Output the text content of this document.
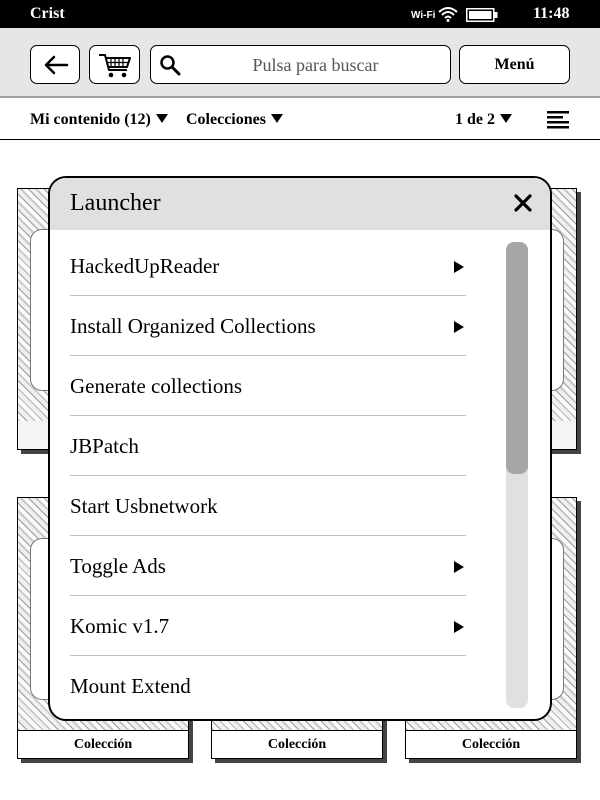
Crist	Wi-Fi	11:48
Pulsa para buscar	Menú
Mi contenido (12)	Colecciones	1 de 2
Colección	Colección	Colección
Launcher
HackedUpReader
Install Organized Collections
Generate collections
JBPatch
Start Usbnetwork
Toggle Ads
Komic v1.7
Mount Extend
